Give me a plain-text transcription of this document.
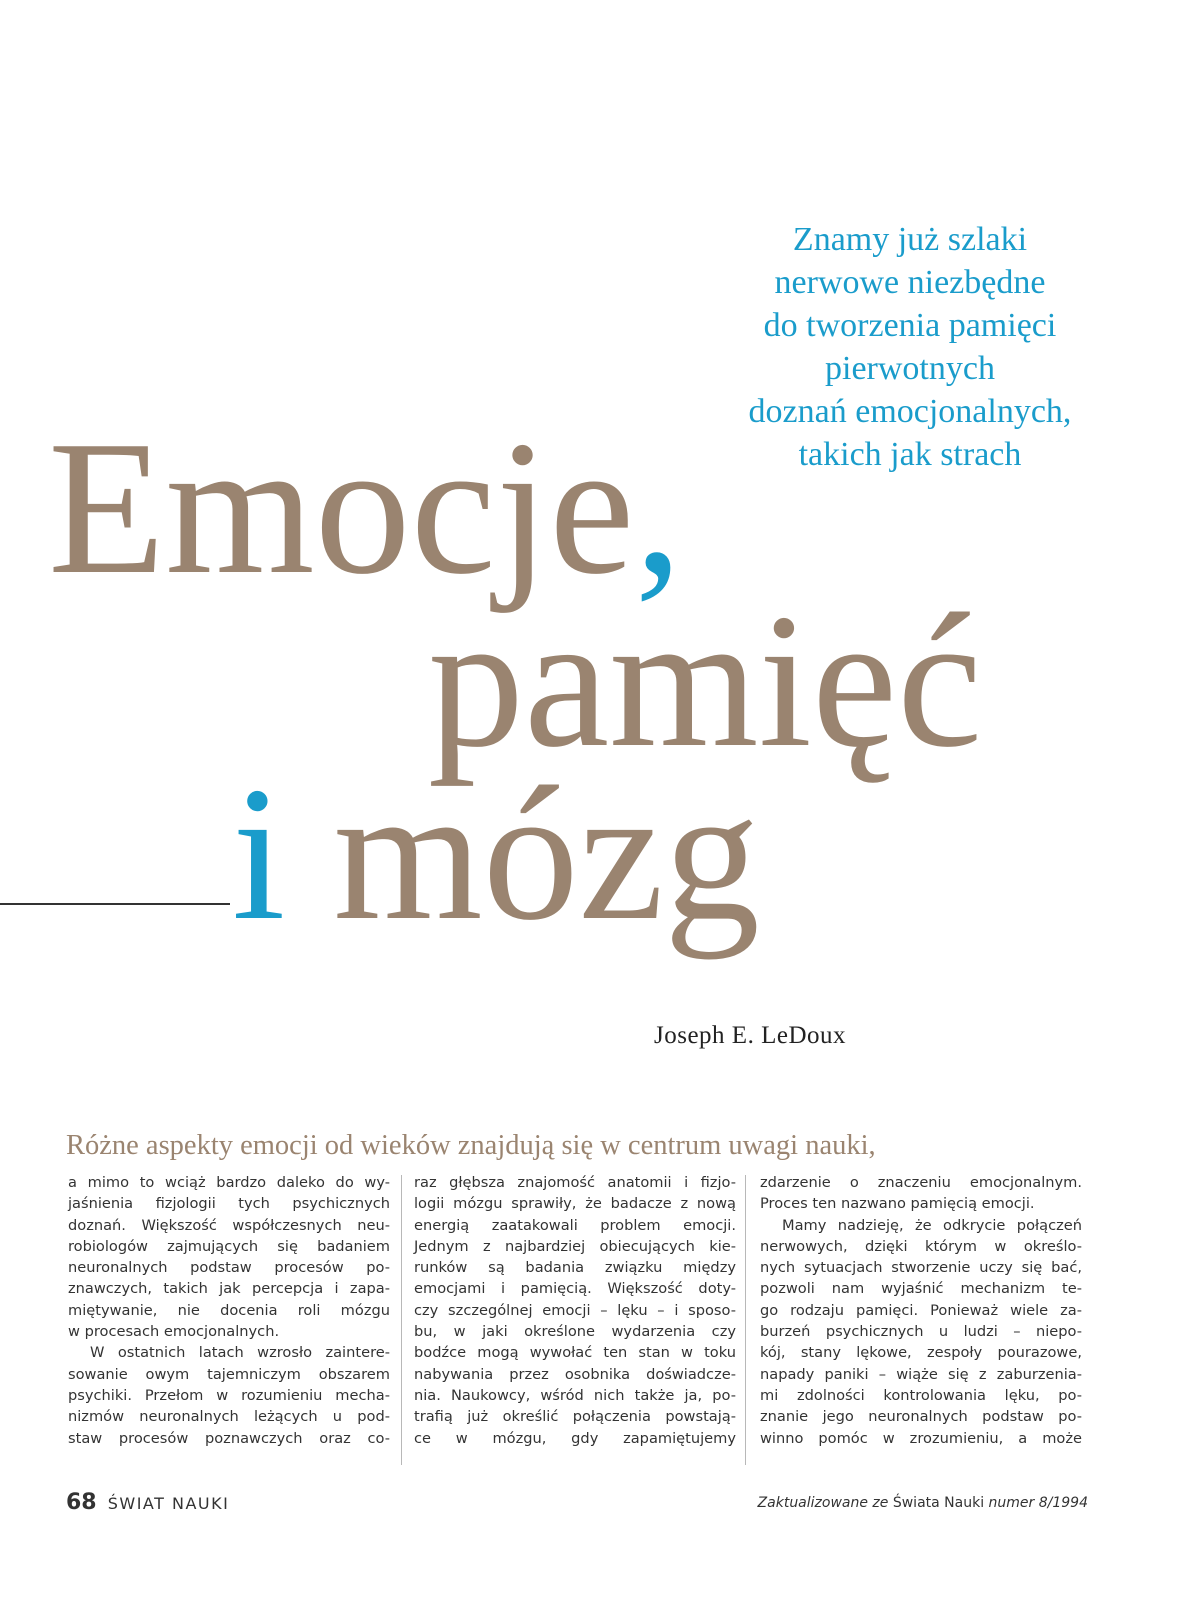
Znamy już szlaki
nerwowe niezbędne
do tworzenia pamięci
pierwotnych
doznań emocjonalnych,
takich jak strach
Emocje,
pamięć
i mózg
Joseph E. LeDoux
Różne aspekty emocji od wieków znajdują się w centrum uwagi nauki,
a mimo to wciąż bardzo daleko do wy-
jaśnienia fizjologii tych psychicznych
doznań. Większość współczesnych neu-
robiologów zajmujących się badaniem
neuronalnych podstaw procesów po-
znawczych, takich jak percepcja i zapa-
miętywanie, nie docenia roli mózgu
w procesach emocjonalnych.
W ostatnich latach wzrosło zaintere-
sowanie owym tajemniczym obszarem
psychiki. Przełom w rozumieniu mecha-
nizmów neuronalnych leżących u pod-
staw procesów poznawczych oraz co-
raz głębsza znajomość anatomii i fizjo-
logii mózgu sprawiły, że badacze z nową
energią zaatakowali problem emocji.
Jednym z najbardziej obiecujących kie-
runków są badania związku między
emocjami i pamięcią. Większość doty-
czy szczególnej emocji – lęku – i sposo-
bu, w jaki określone wydarzenia czy
bodźce mogą wywołać ten stan w toku
nabywania przez osobnika doświadcze-
nia. Naukowcy, wśród nich także ja, po-
trafią już określić połączenia powstają-
ce w mózgu, gdy zapamiętujemy
zdarzenie o znaczeniu emocjonalnym.
Proces ten nazwano pamięcią emocji.
Mamy nadzieję, że odkrycie połączeń
nerwowych, dzięki którym w określo-
nych sytuacjach stworzenie uczy się bać,
pozwoli nam wyjaśnić mechanizm te-
go rodzaju pamięci. Ponieważ wiele za-
burzeń psychicznych u ludzi – niepo-
kój, stany lękowe, zespoły pourazowe,
napady paniki – wiąże się z zaburzenia-
mi zdolności kontrolowania lęku, po-
znanie jego neuronalnych podstaw po-
winno pomóc w zrozumieniu, a może
68 ŚWIAT NAUKI	Zaktualizowane ze Świata Nauki numer 8/1994
